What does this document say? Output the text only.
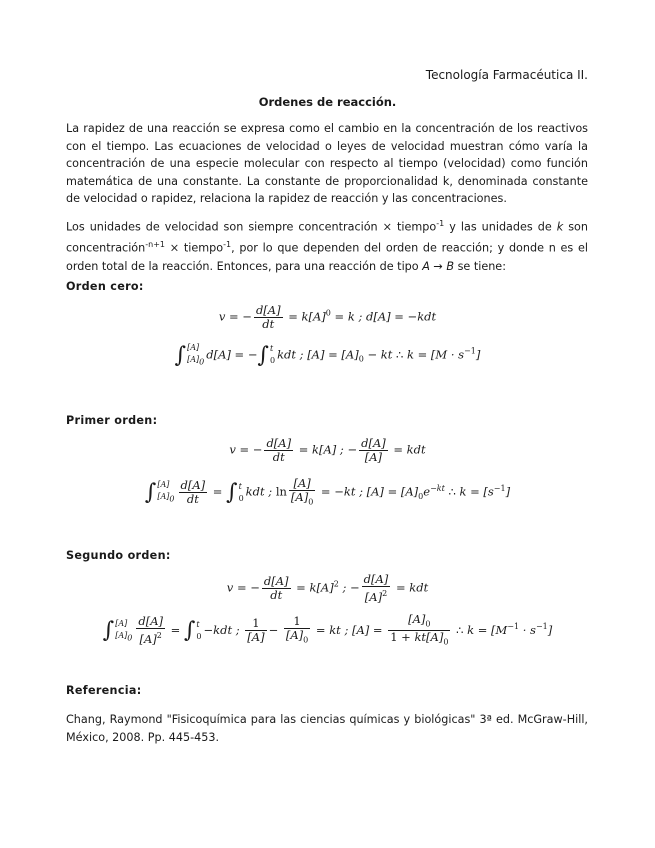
Tecnología Farmacéutica II.
Ordenes de reacción.
La rapidez de una reacción se expresa como el cambio en la concentración de los reactivos con el tiempo. Las ecuaciones de velocidad o leyes de velocidad muestran cómo varía la concentración de una especie molecular con respecto al tiempo (velocidad) como función matemática de una constante. La constante de proporcionalidad k, denominada constante de velocidad o rapidez, relaciona la rapidez de reacción y las concentraciones.
Los unidades de velocidad son siempre concentración × tiempo$^{-1}$ y las unidades de k son concentración$^{-n+1}$ × tiempo$^{-1}$, por lo que dependen del orden de reacción; y donde n es el orden total de la reacción. Entonces, para una reacción de tipo A → B se tiene:
Orden cero:
v = − $\frac{d[A]}{dt} = k[A]^0 = k$ ; d[A] = −kdt
∫ [A]
$[A]_0$
d[A] = −∫ t
0 kdt ; $[A] = [A]_0$ − kt ∴ $k = [M \cdot s^{-1}]$
Primer orden:
v = − $\frac{d[A]}{dt} = k[A]$ ; − $\frac{d[A]}{[A]}$ = kdt
∫ [A]
$[A]_0 \frac{d[A]}{dt}$ = ∫ t
0 kdt ; $\ln \frac{[A]}{[A]_0} = -kt$ ; $[A] = [A]_0e^{-kt}$ ∴ $k = [s^{-1}]$
Segundo orden:
v = − $\frac{d[A]}{dt} = k[A]^2$ ; − $\frac{d[A]}{[A]^2}$ = kdt
∫ [A]
$[A]_0 \frac{d[A]}{[A]^2}$ = ∫ t
0 −kdt ; $\frac{1}{[A]} - \frac{1}{[A]_0}$ = kt ; $[A] = \frac{[A]_0}{1 + kt[A]_0}$ ∴ $k = [M^{-1} \cdot s^{-1}]$
Referencia:
Chang, Raymond "Fisicoquímica para las ciencias químicas y biológicas" 3ª ed. McGraw-Hill, México, 2008. Pp. 445-453.
